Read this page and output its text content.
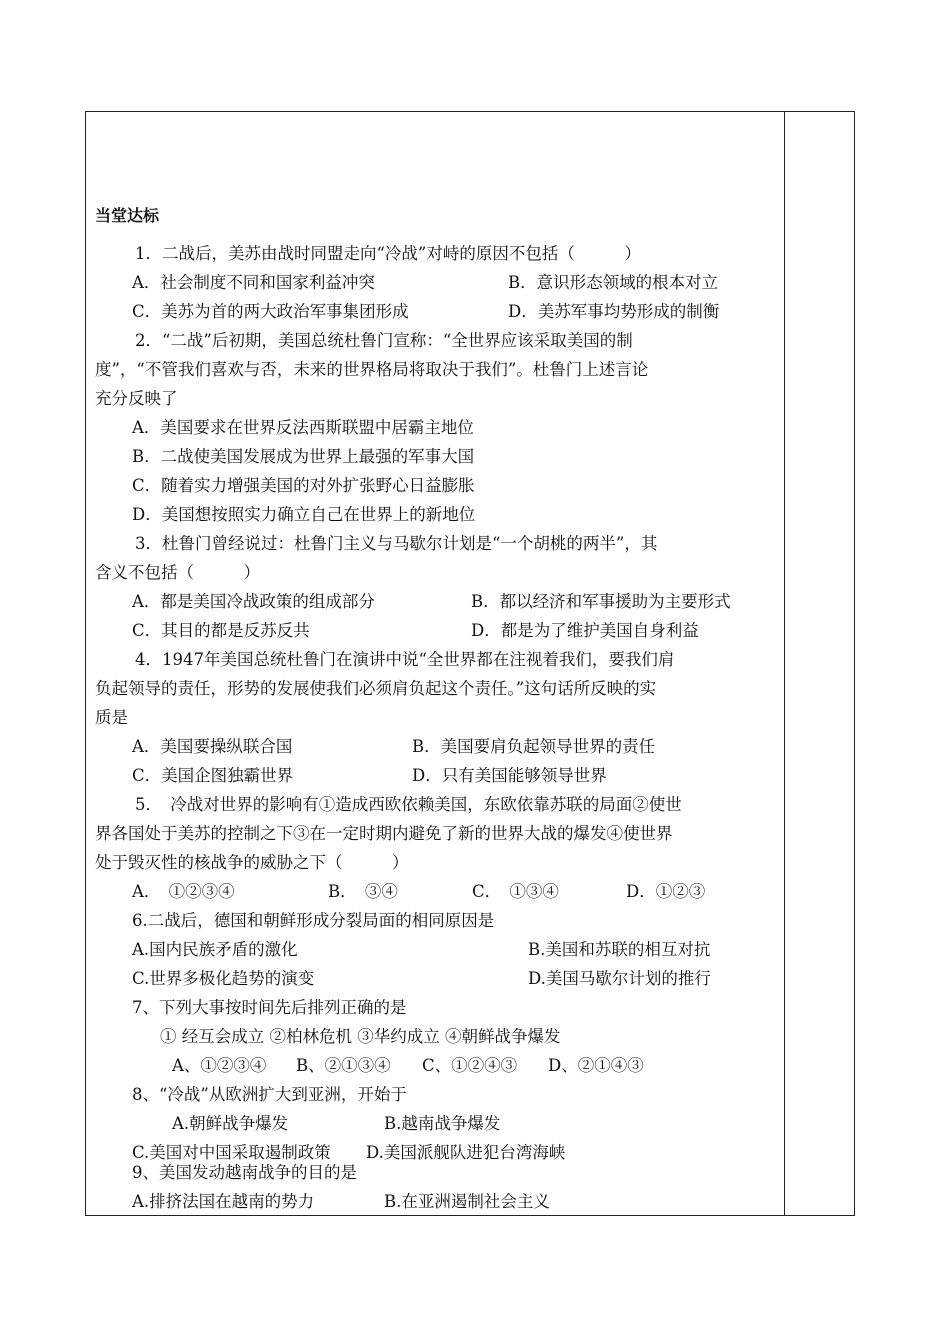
当堂达标
1．二战后，美苏由战时同盟走向“冷战”对峙的原因不包括（　　　）
A．社会制度不同和国家利益冲突	B．意识形态领域的根本对立
C．美苏为首的两大政治军事集团形成	D．美苏军事均势形成的制衡
2．“二战”后初期，美国总统杜鲁门宣称：“全世界应该采取美国的制
度”，“不管我们喜欢与否，未来的世界格局将取决于我们”。杜鲁门上述言论
充分反映了
A．美国要求在世界反法西斯联盟中居霸主地位
B．二战使美国发展成为世界上最强的军事大国
C．随着实力增强美国的对外扩张野心日益膨胀
D．美国想按照实力确立自己在世界上的新地位
3．杜鲁门曾经说过：杜鲁门主义与马歇尔计划是“一个胡桃的两半”，其
含义不包括（　　　）
A．都是美国冷战政策的组成部分	B．都以经济和军事援助为主要形式
C．其目的都是反苏反共	D．都是为了维护美国自身利益
4．1947年美国总统杜鲁门在演讲中说“全世界都在注视着我们，要我们肩
负起领导的责任，形势的发展使我们必须肩负起这个责任。”这句话所反映的实
质是
A．美国要操纵联合国	B．美国要肩负起领导世界的责任
C．美国企图独霸世界	D．只有美国能够领导世界
5．　冷战对世界的影响有①造成西欧依赖美国，东欧依靠苏联的局面②使世
界各国处于美苏的控制之下③在一定时期内避免了新的世界大战的爆发④使世界
处于毁灭性的核战争的威胁之下（　　　）
A．　①②③④	B．　③④	C．　①③④	D．①②③
6.二战后，德国和朝鲜形成分裂局面的相同原因是
A.国内民族矛盾的激化	B.美国和苏联的相互对抗
C.世界多极化趋势的演变	D.美国马歇尔计划的推行
7、下列大事按时间先后排列正确的是
① 经互会成立 ②柏林危机 ③华约成立 ④朝鲜战争爆发
A、①②③④ B、②①③④ C、①②④③ D、②①④③
8、“冷战”从欧洲扩大到亚洲，开始于
A.朝鲜战争爆发	B.越南战争爆发
C.美国对中国采取遏制政策 D.美国派舰队进犯台湾海峡
9、美国发动越南战争的目的是
A.排挤法国在越南的势力	B.在亚洲遏制社会主义
